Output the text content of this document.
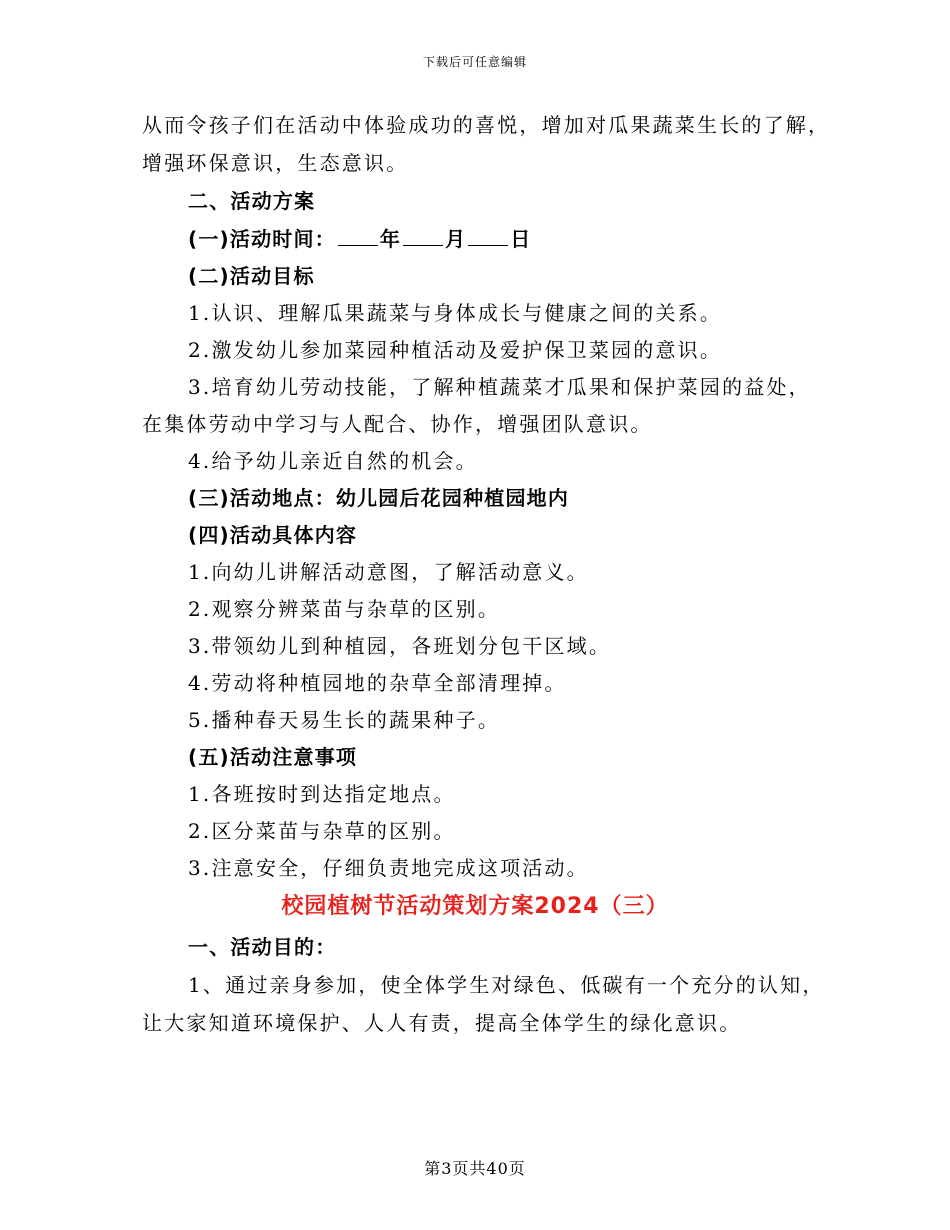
下载后可任意编辑
从而令孩子们在活动中体验成功的喜悦，增加对瓜果蔬菜生长的了解，
增强环保意识，生态意识。
二、活动方案
(一)活动时间： 年 月 日
(二)活动目标
1.认识、理解瓜果蔬菜与身体成长与健康之间的关系。
2.激发幼儿参加菜园种植活动及爱护保卫菜园的意识。
3.培育幼儿劳动技能，了解种植蔬菜才瓜果和保护菜园的益处，
在集体劳动中学习与人配合、协作，增强团队意识。
4.给予幼儿亲近自然的机会。
(三)活动地点：幼儿园后花园种植园地内
(四)活动具体内容
1.向幼儿讲解活动意图，了解活动意义。
2.观察分辨菜苗与杂草的区别。
3.带领幼儿到种植园，各班划分包干区域。
4.劳动将种植园地的杂草全部清理掉。
5.播种春天易生长的蔬果种子。
(五)活动注意事项
1.各班按时到达指定地点。
2.区分菜苗与杂草的区别。
3.注意安全，仔细负责地完成这项活动。
校园植树节活动策划方案2024（三）
一、活动目的：
1、通过亲身参加，使全体学生对绿色、低碳有一个充分的认知，
让大家知道环境保护、人人有责，提高全体学生的绿化意识。
第3页共40页
